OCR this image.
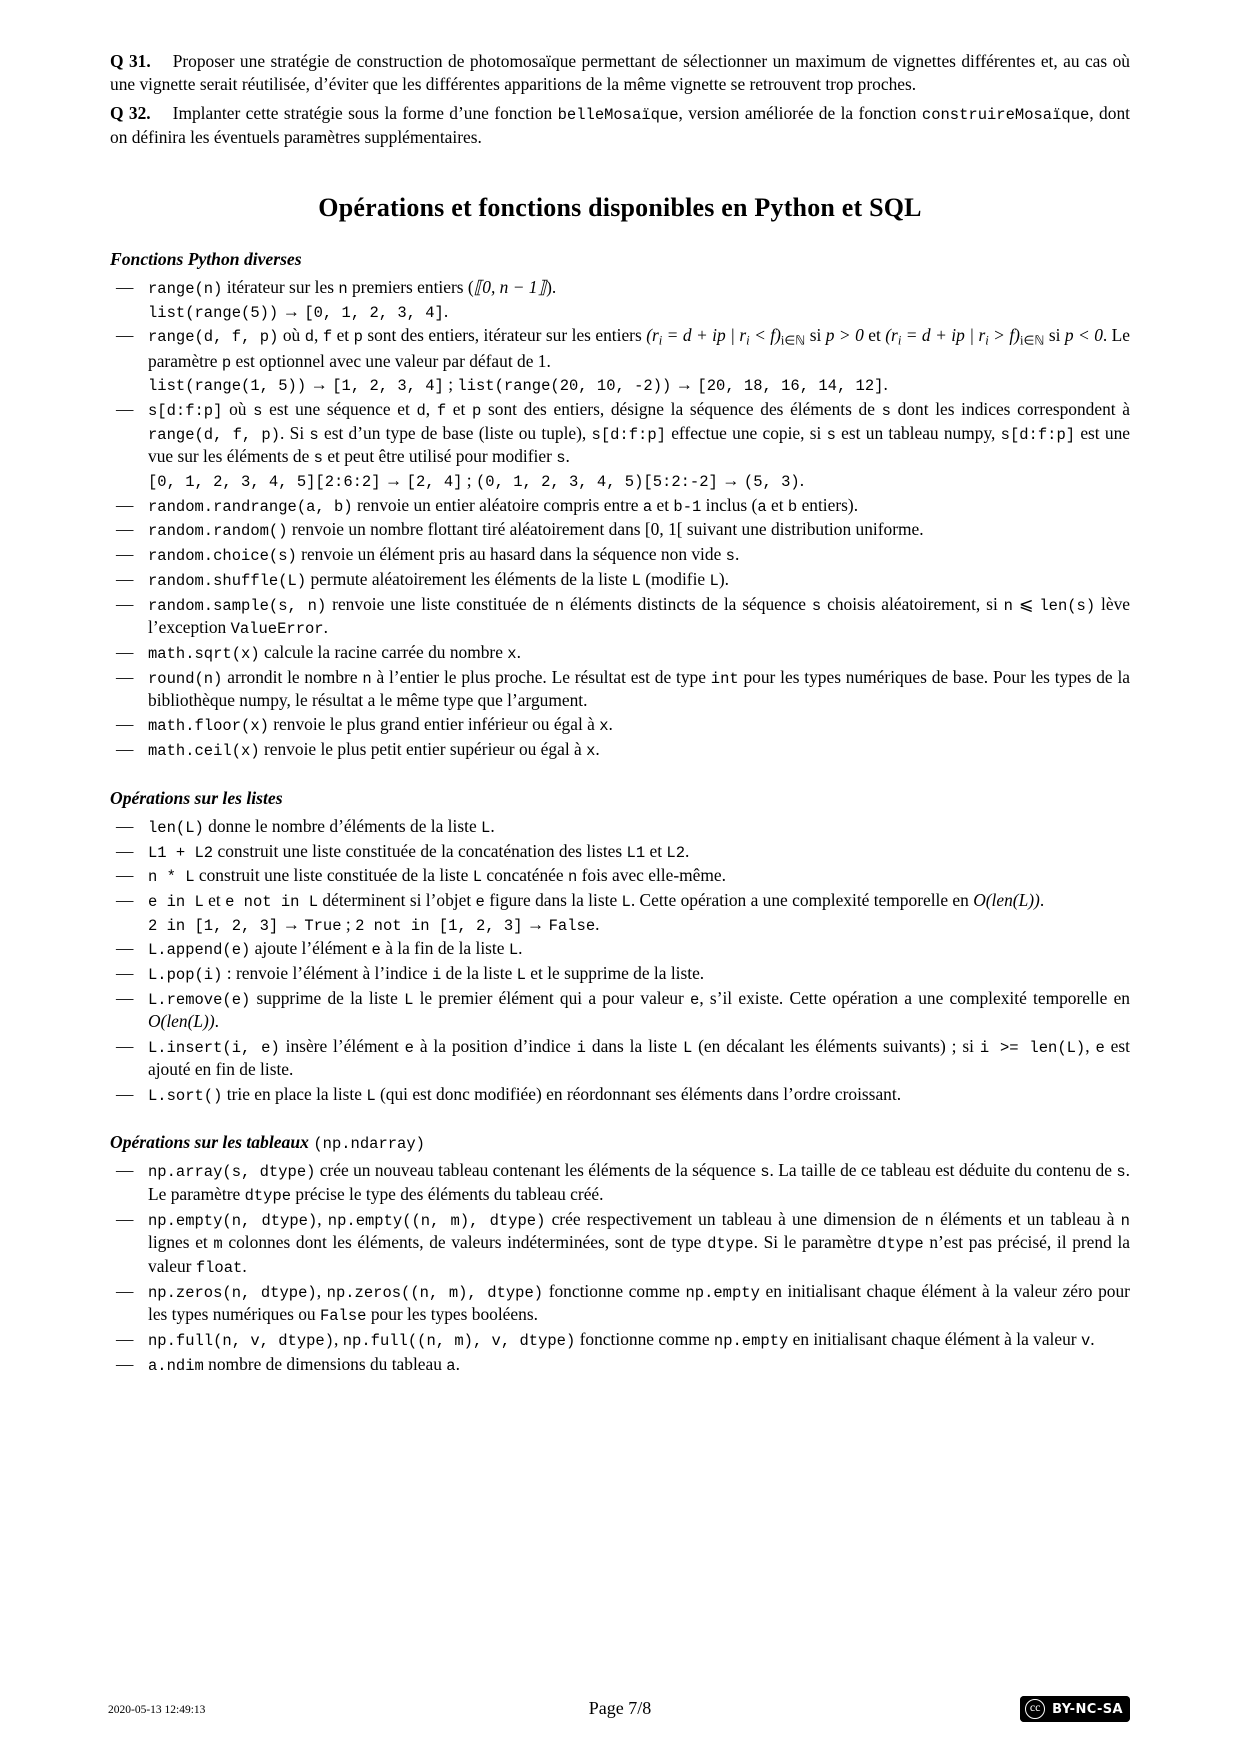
Q 31. Proposer une stratégie de construction de photomosaïque permettant de sélectionner un maximum de vignettes différentes et, au cas où une vignette serait réutilisée, d’éviter que les différentes apparitions de la même vignette se retrouvent trop proches.

Q 32. Implanter cette stratégie sous la forme d’une fonction belleMosaïque, version améliorée de la fonction construireMosaïque, dont on définira les éventuels paramètres supplémentaires.

Opérations et fonctions disponibles en Python et SQL
Fonctions Python diverses
— range(n) itérateur sur les n premiers entiers (⟦0, n − 1⟧).
list(range(5)) → [0, 1, 2, 3, 4].
— range(d, f, p) où d, f et p sont des entiers, itérateur sur les entiers ($r_i = d$ + ip | $r_i < f)_{i\in ℕ}$ si p > 0 et ($r_i = d$ + ip | $r_i > f)_{i\in ℕ}$ si p < 0. Le paramètre p est optionnel avec une valeur par défaut de 1.
list(range(1, 5)) → [1, 2, 3, 4] ; list(range(20, 10, -2)) → [20, 18, 16, 14, 12].
— s[d:f:p] où s est une séquence et d, f et p sont des entiers, désigne la séquence des éléments de s dont les indices correspondent à range(d, f, p). Si s est d’un type de base (liste ou tuple), s[d:f:p] effectue une copie, si s est un tableau numpy, s[d:f:p] est une vue sur les éléments de s et peut être utilisé pour modifier s.
[0, 1, 2, 3, 4, 5][2:6:2] → [2, 4] ; (0, 1, 2, 3, 4, 5)[5:2:-2] → (5, 3).
— random.randrange(a, b) renvoie un entier aléatoire compris entre a et b-1 inclus (a et b entiers).
— random.random() renvoie un nombre flottant tiré aléatoirement dans [0, 1[ suivant une distribution uniforme.
— random.choice(s) renvoie un élément pris au hasard dans la séquence non vide s.
— random.shuffle(L) permute aléatoirement les éléments de la liste L (modifie L).
— random.sample(s, n) renvoie une liste constituée de n éléments distincts de la séquence s choisis aléatoirement, si n ⩽ len(s) lève l’exception ValueError.
— math.sqrt(x) calcule la racine carrée du nombre x.
— round(n) arrondit le nombre n à l’entier le plus proche. Le résultat est de type int pour les types numériques de base. Pour les types de la bibliothèque numpy, le résultat a le même type que l’argument.
— math.floor(x) renvoie le plus grand entier inférieur ou égal à x.
— math.ceil(x) renvoie le plus petit entier supérieur ou égal à x.
Opérations sur les listes
— len(L) donne le nombre d’éléments de la liste L.
— L1 + L2 construit une liste constituée de la concaténation des listes L1 et L2.
— n * L construit une liste constituée de la liste L concaténée n fois avec elle-même.
— e in L et e not in L déterminent si l’objet e figure dans la liste L. Cette opération a une complexité temporelle en O(len(L)).
2 in [1, 2, 3] → True ; 2 not in [1, 2, 3] → False.
— L.append(e) ajoute l’élément e à la fin de la liste L.
— L.pop(i) : renvoie l’élément à l’indice i de la liste L et le supprime de la liste.
— L.remove(e) supprime de la liste L le premier élément qui a pour valeur e, s’il existe. Cette opération a une complexité temporelle en O(len(L)).
— L.insert(i, e) insère l’élément e à la position d’indice i dans la liste L (en décalant les éléments suivants) ; si i >= len(L), e est ajouté en fin de liste.
— L.sort() trie en place la liste L (qui est donc modifiée) en réordonnant ses éléments dans l’ordre croissant.
Opérations sur les tableaux (np.ndarray)
— np.array(s, dtype) crée un nouveau tableau contenant les éléments de la séquence s. La taille de ce tableau est déduite du contenu de s. Le paramètre dtype précise le type des éléments du tableau créé.
— np.empty(n, dtype), np.empty((n, m), dtype) crée respectivement un tableau à une dimension de n éléments et un tableau à n lignes et m colonnes dont les éléments, de valeurs indéterminées, sont de type dtype. Si le paramètre dtype n’est pas précisé, il prend la valeur float.
— np.zeros(n, dtype), np.zeros((n, m), dtype) fonctionne comme np.empty en initialisant chaque élément à la valeur zéro pour les types numériques ou False pour les types booléens.
— np.full(n, v, dtype), np.full((n, m), v, dtype) fonctionne comme np.empty en initialisant chaque élément à la valeur v.
— a.ndim nombre de dimensions du tableau a.
2020-05-13 12:49:13	Page 7/8	cc BY-NC-SA
